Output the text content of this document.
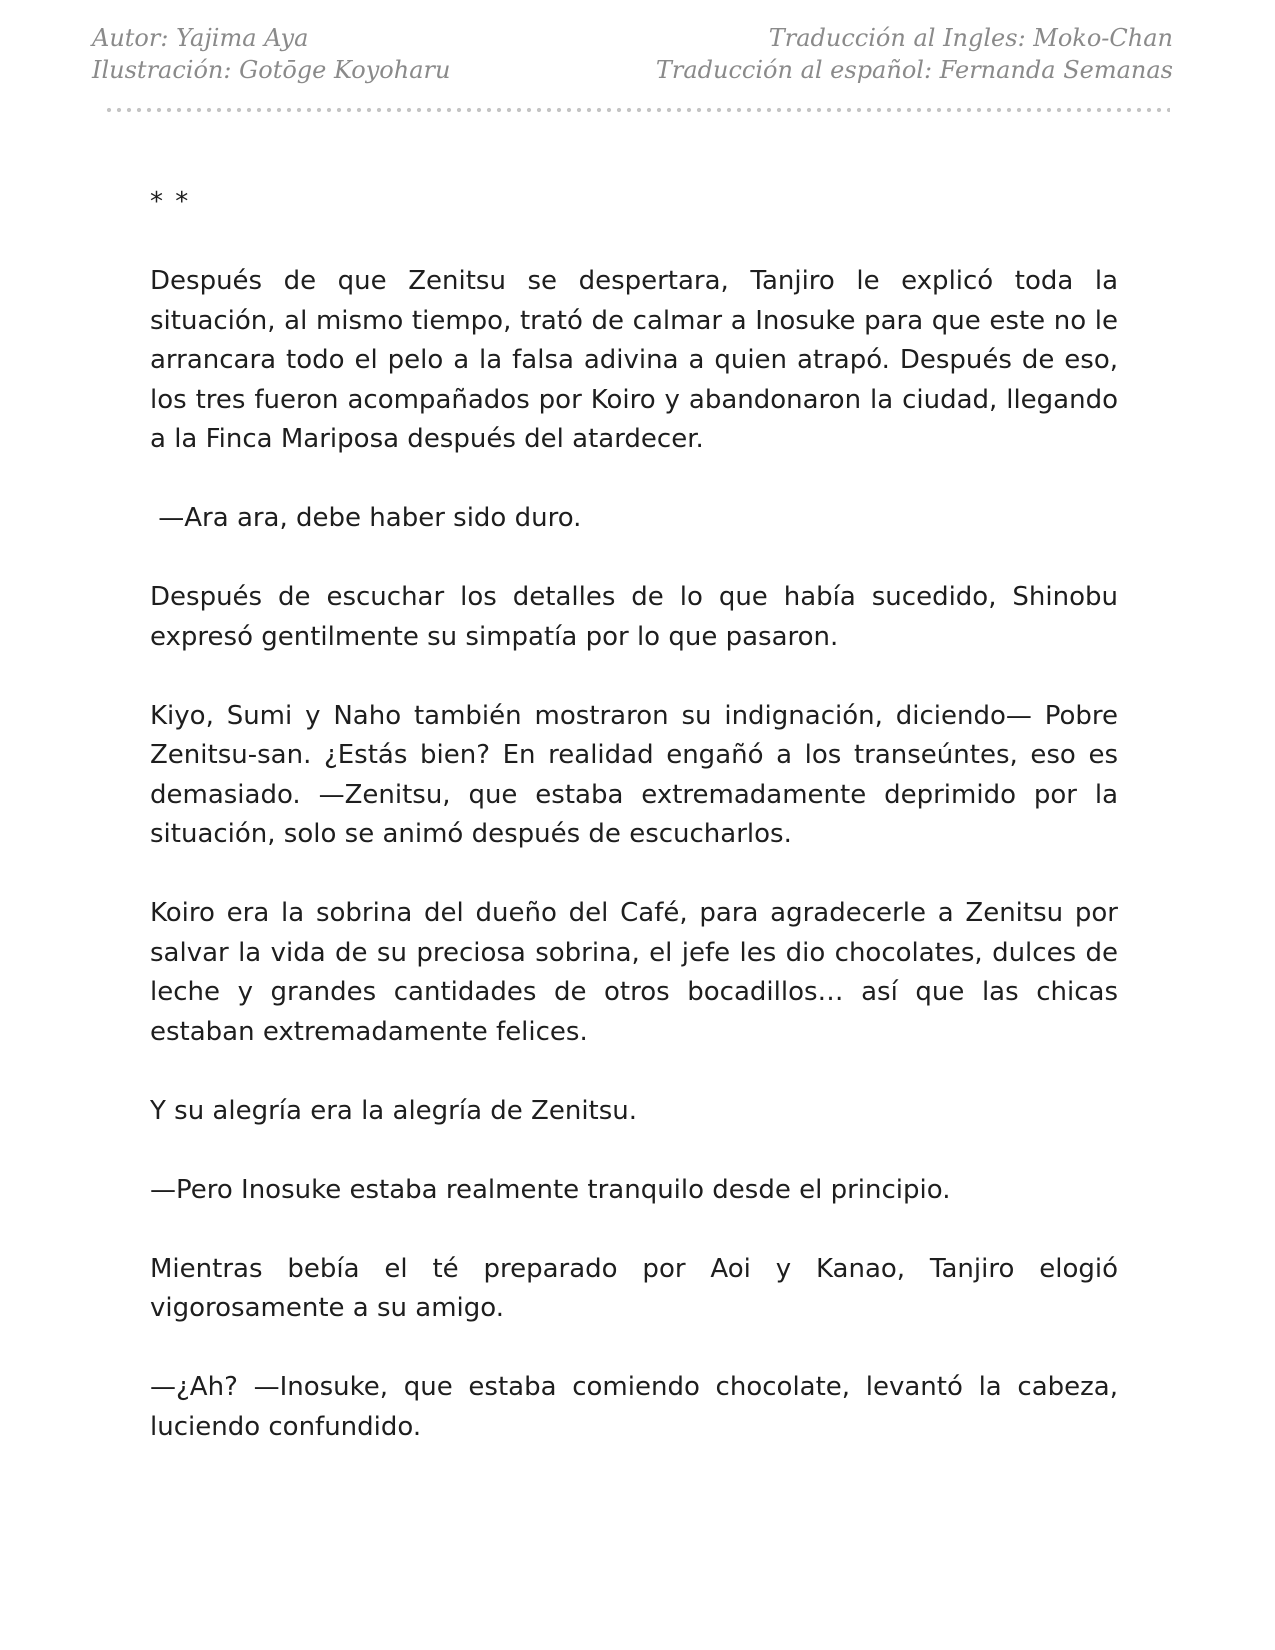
Autor: Yajima Aya
Ilustración: Gotōge Koyoharu
Traducción al Ingles: Moko-Chan
Traducción al español: Fernanda Semanas
* *

Después de que Zenitsu se despertara, Tanjiro le explicó toda la situación, al mismo tiempo, trató de calmar a Inosuke para que este no le arrancara todo el pelo a la falsa adivina a quien atrapó. Después de eso, los tres fueron acompañados por Koiro y abandonaron la ciudad, llegando a la Finca Mariposa después del atardecer.

—Ara ara, debe haber sido duro.

Después de escuchar los detalles de lo que había sucedido, Shinobu expresó gentilmente su simpatía por lo que pasaron.

Kiyo, Sumi y Naho también mostraron su indignación, diciendo— Pobre Zenitsu-san. ¿Estás bien? En realidad engañó a los transeúntes, eso es demasiado. —Zenitsu, que estaba extremadamente deprimido por la situación, solo se animó después de escucharlos.

Koiro era la sobrina del dueño del Café, para agradecerle a Zenitsu por salvar la vida de su preciosa sobrina, el jefe les dio chocolates, dulces de leche y grandes cantidades de otros bocadillos… así que las chicas estaban extremadamente felices.

Y su alegría era la alegría de Zenitsu.

—Pero Inosuke estaba realmente tranquilo desde el principio.

Mientras bebía el té preparado por Aoi y Kanao, Tanjiro elogió vigorosamente a su amigo.

—¿Ah? —Inosuke, que estaba comiendo chocolate, levantó la cabeza, luciendo confundido.
